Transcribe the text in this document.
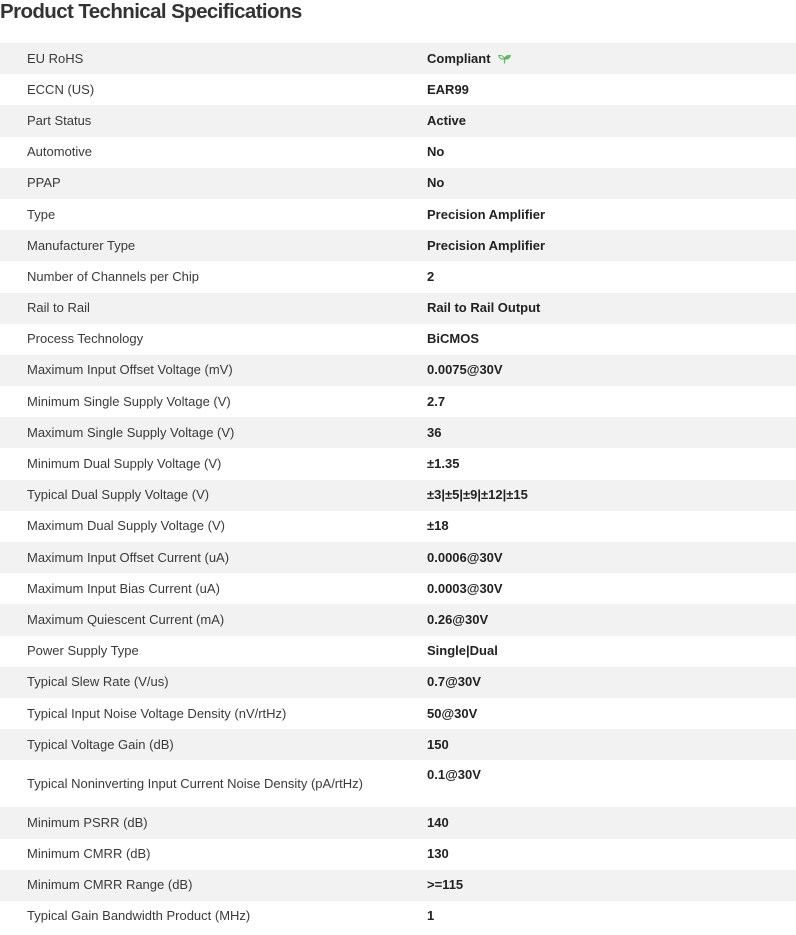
Product Technical Specifications
EU RoHS	Compliant
ECCN (US)	EAR99
Part Status	Active
Automotive	No
PPAP	No
Type	Precision Amplifier
Manufacturer Type	Precision Amplifier
Number of Channels per Chip	2
Rail to Rail	Rail to Rail Output
Process Technology	BiCMOS
Maximum Input Offset Voltage (mV)	0.0075@30V
Minimum Single Supply Voltage (V)	2.7
Maximum Single Supply Voltage (V)	36
Minimum Dual Supply Voltage (V)	±1.35
Typical Dual Supply Voltage (V)	±3|±5|±9|±12|±15
Maximum Dual Supply Voltage (V)	±18
Maximum Input Offset Current (uA)	0.0006@30V
Maximum Input Bias Current (uA)	0.0003@30V
Maximum Quiescent Current (mA)	0.26@30V
Power Supply Type	Single|Dual
Typical Slew Rate (V/us)	0.7@30V
Typical Input Noise Voltage Density (nV/rtHz)	50@30V
Typical Voltage Gain (dB)	150
Typical Noninverting Input Current Noise Density (pA/rtHz)	0.1@30V
Minimum PSRR (dB)	140
Minimum CMRR (dB)	130
Minimum CMRR Range (dB)	>=115
Typical Gain Bandwidth Product (MHz)	1
